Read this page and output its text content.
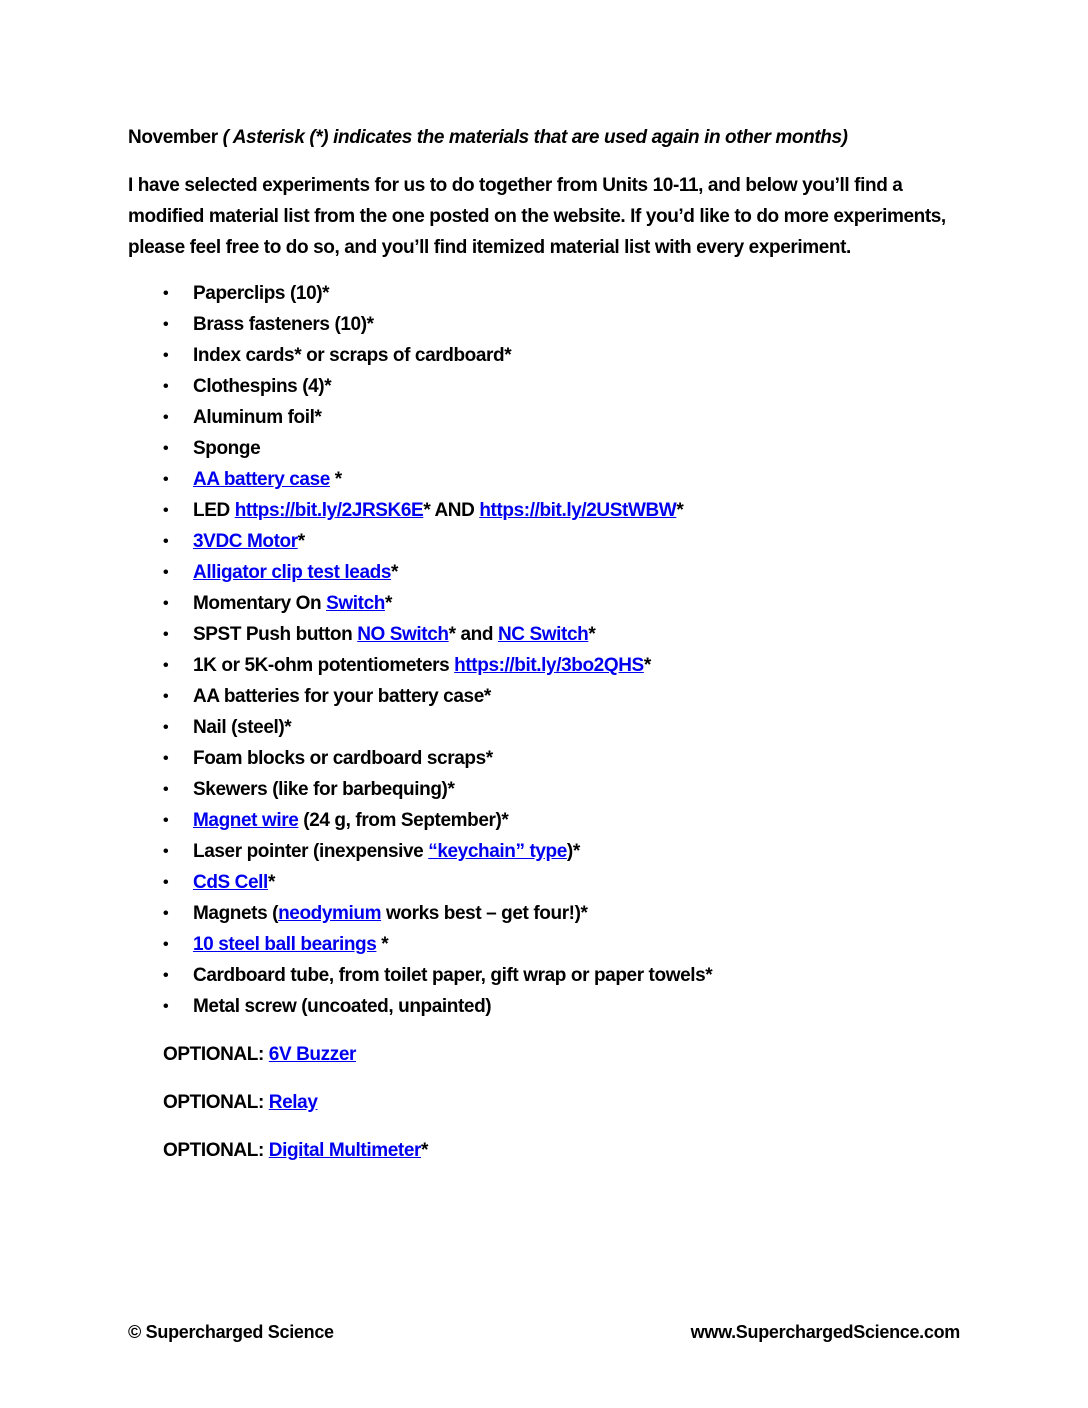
November ( Asterisk (*) indicates the materials that are used again in other months)

I have selected experiments for us to do together from Units 10-11, and below you’ll find a modified material list from the one posted on the website. If you’d like to do more experiments, please feel free to do so, and you’ll find itemized material list with every experiment.

•	Paperclips (10)*
•	Brass fasteners (10)*
•	Index cards* or scraps of cardboard*
•	Clothespins (4)*
•	Aluminum foil*
•	Sponge
•	AA battery case *
•	LED https://bit.ly/2JRSK6E* AND https://bit.ly/2UStWBW*
•	3VDC Motor*
•	Alligator clip test leads*
•	Momentary On Switch*
•	SPST Push button NO Switch* and NC Switch*
•	1K or 5K-ohm potentiometers https://bit.ly/3bo2QHS*
•	AA batteries for your battery case*
•	Nail (steel)*
•	Foam blocks or cardboard scraps*
•	Skewers (like for barbequing)*
•	Magnet wire (24 g, from September)*
•	Laser pointer (inexpensive “keychain” type)*
•	CdS Cell*
•	Magnets (neodymium works best – get four!)*
•	10 steel ball bearings *
•	Cardboard tube, from toilet paper, gift wrap or paper towels*
•	Metal screw (uncoated, unpainted)

OPTIONAL: 6V Buzzer

OPTIONAL: Relay

OPTIONAL: Digital Multimeter*

© Supercharged Science	www.SuperchargedScience.com
